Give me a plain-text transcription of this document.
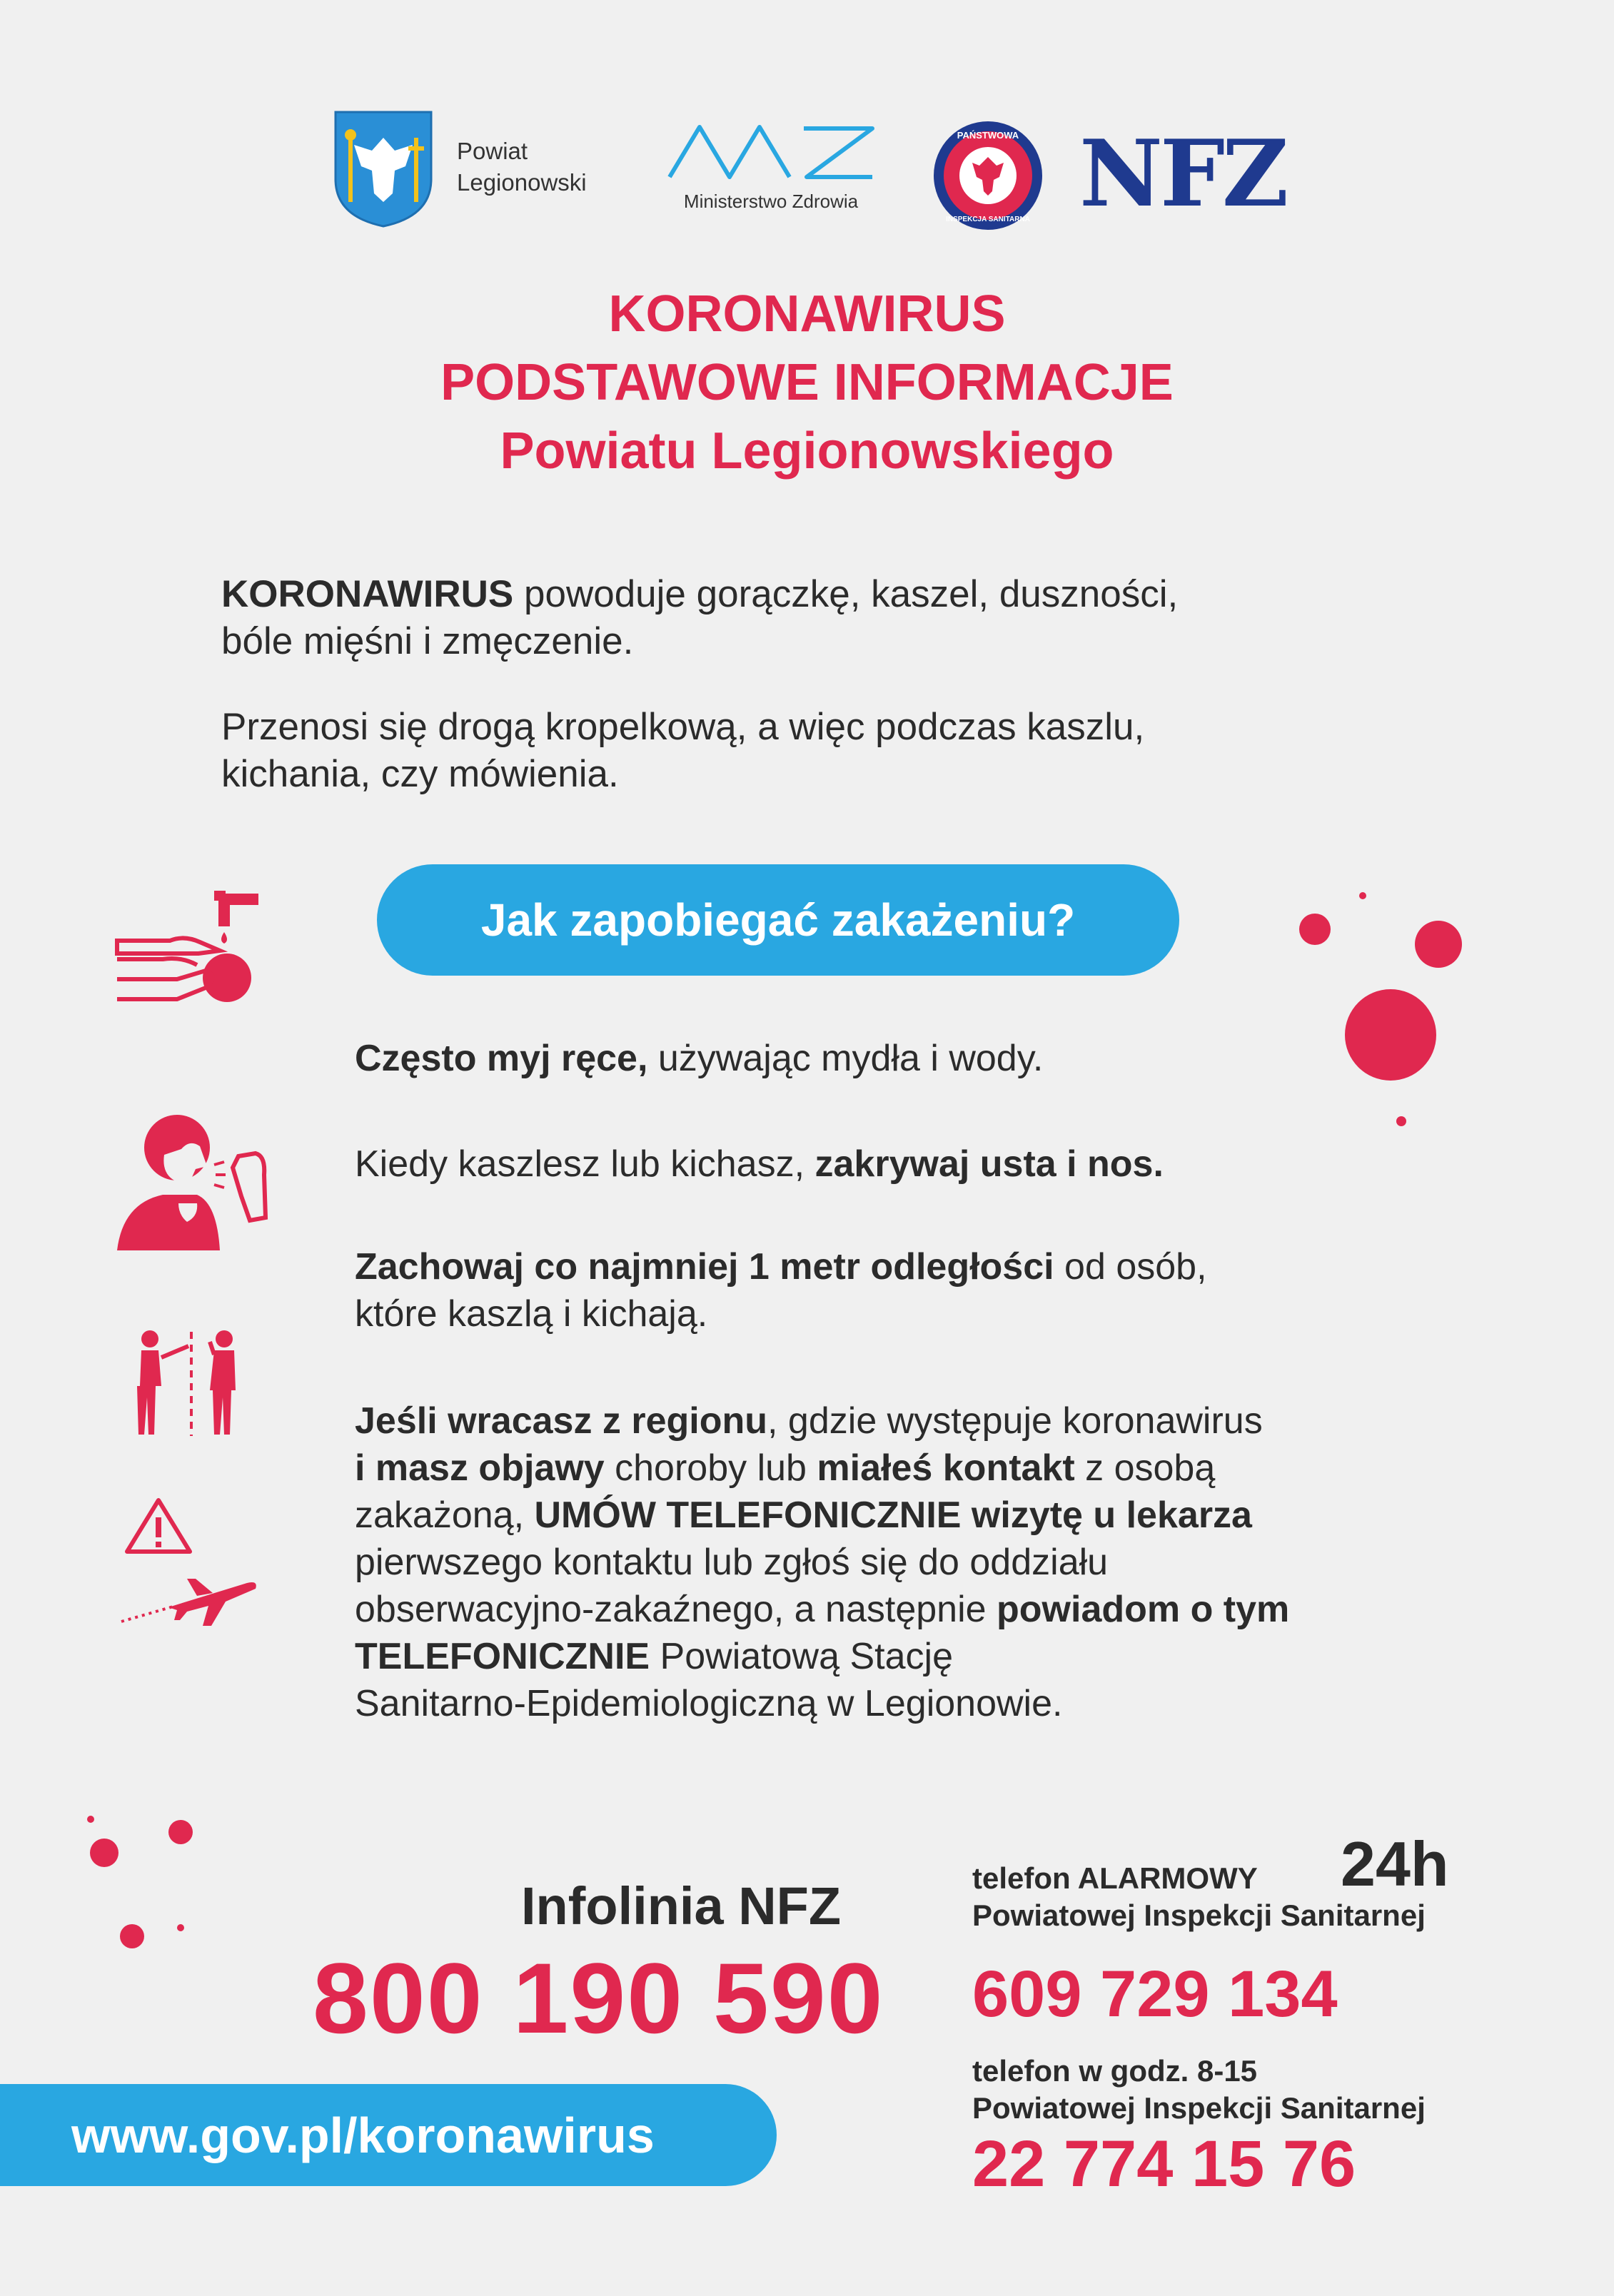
Powiat
Legionowski
Ministerstwo Zdrowia
PAŃSTWOWA
INSPEKCJA SANITARNA NFZ
KORONAWIRUS
PODSTAWOWE INFORMACJE
Powiatu Legionowskiego
KORONAWIRUS powoduje gorączkę, kaszel, duszności,
bóle mięśni i zmęczenie.
Przenosi się drogą kropelkową, a więc podczas kaszlu,
kichania, czy mówienia.
Jak zapobiegać zakażeniu?
Często myj ręce, używając mydła i wody.
Kiedy kaszlesz lub kichasz, zakrywaj usta i nos.
Zachowaj co najmniej 1 metr odległości od osób,
które kaszlą i kichają.
Jeśli wracasz z regionu, gdzie występuje koronawirus
i masz objawy choroby lub miałeś kontakt z osobą
zakażoną, UMÓW TELEFONICZNIE wizytę u lekarza
pierwszego kontaktu lub zgłoś się do oddziału
obserwacyjno-zakaźnego, a następnie powiadom o tym
TELEFONICZNIE Powiatową Stację
Sanitarno-Epidemiologiczną w Legionowie.
Infolinia NFZ
800 190 590
www.gov.pl/koronawirus
telefon ALARMOWY 24h
Powiatowej Inspekcji Sanitarnej
609 729 134
telefon w godz. 8-15
Powiatowej Inspekcji Sanitarnej
22 774 15 76
